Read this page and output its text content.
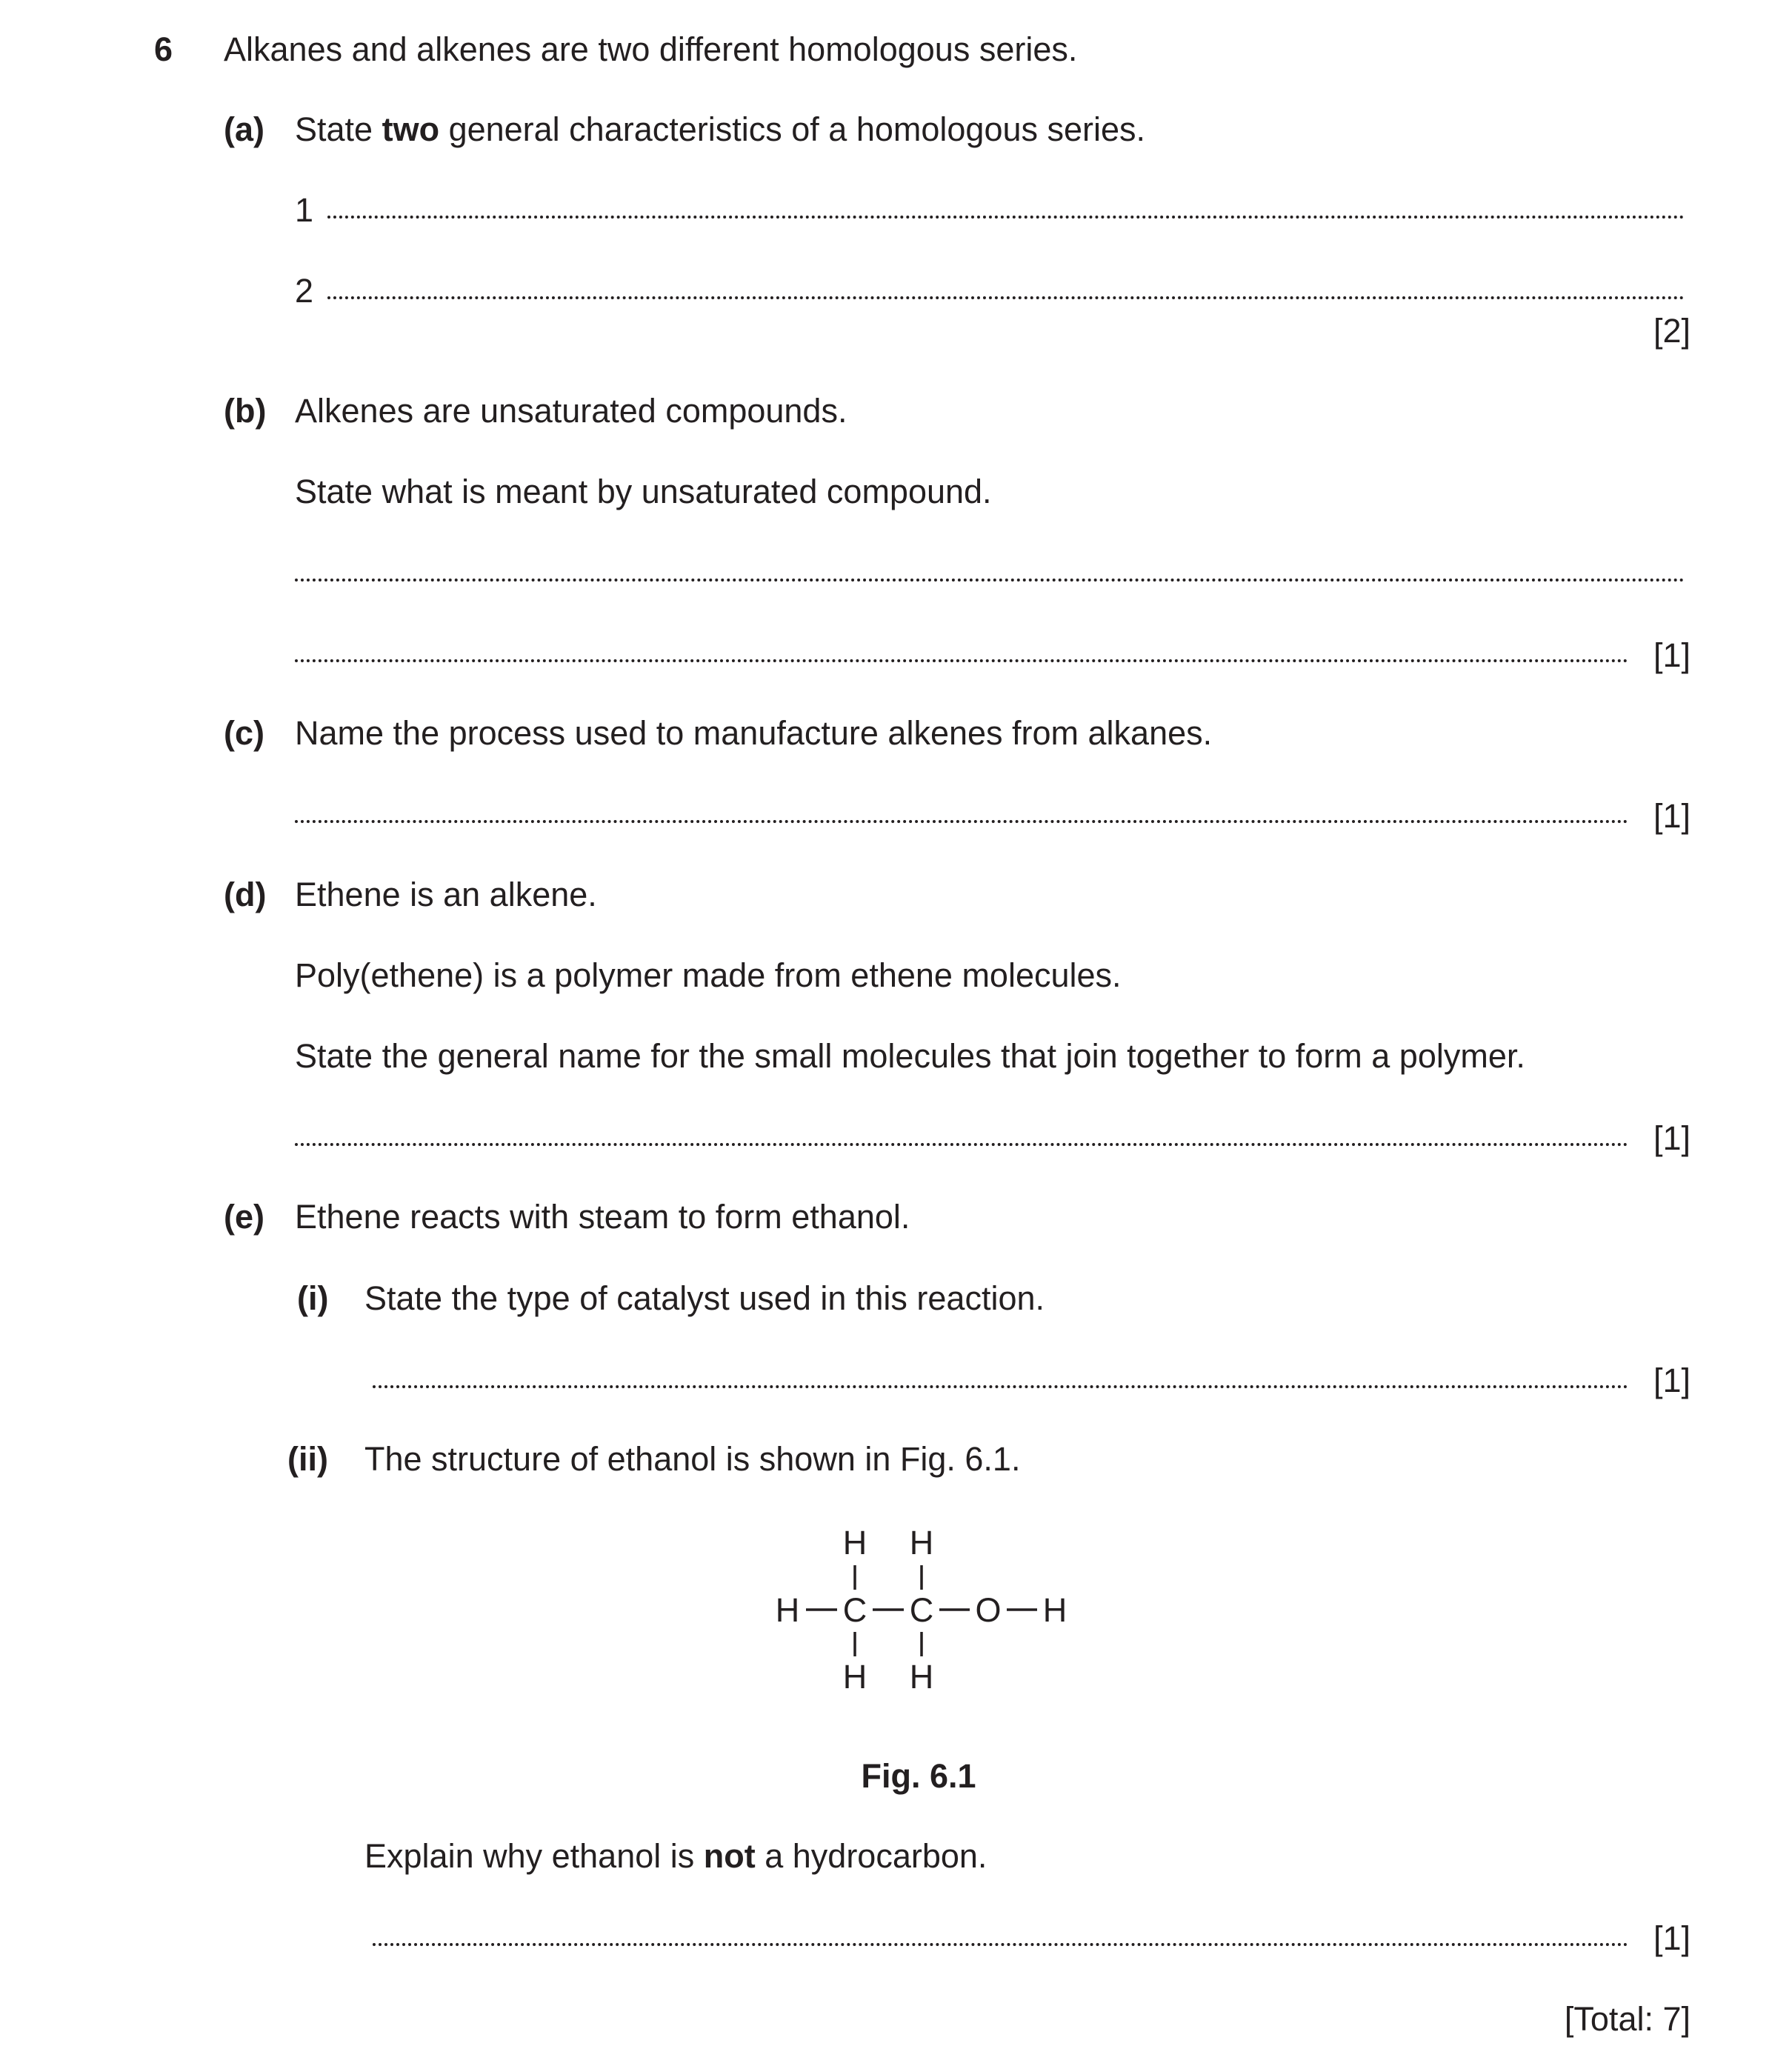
6 Alkanes and alkenes are two different homologous series.
(a) State two general characteristics of a homologous series.
1
2
[2]
(b) Alkenes are unsaturated compounds.
State what is meant by unsaturated compound.
[1]
(c) Name the process used to manufacture alkenes from alkanes.
[1]
(d) Ethene is an alkene.
Poly(ethene) is a polymer made from ethene molecules.
State the general name for the small molecules that join together to form a polymer.
[1]
(e) Ethene reacts with steam to form ethanol.
(i) State the type of catalyst used in this reaction.
[1]
(ii) The structure of ethanol is shown in Fig. 6.1.
H H
H C C O H
H H
Fig. 6.1
Explain why ethanol is not a hydrocarbon.
[1]
[Total: 7]
